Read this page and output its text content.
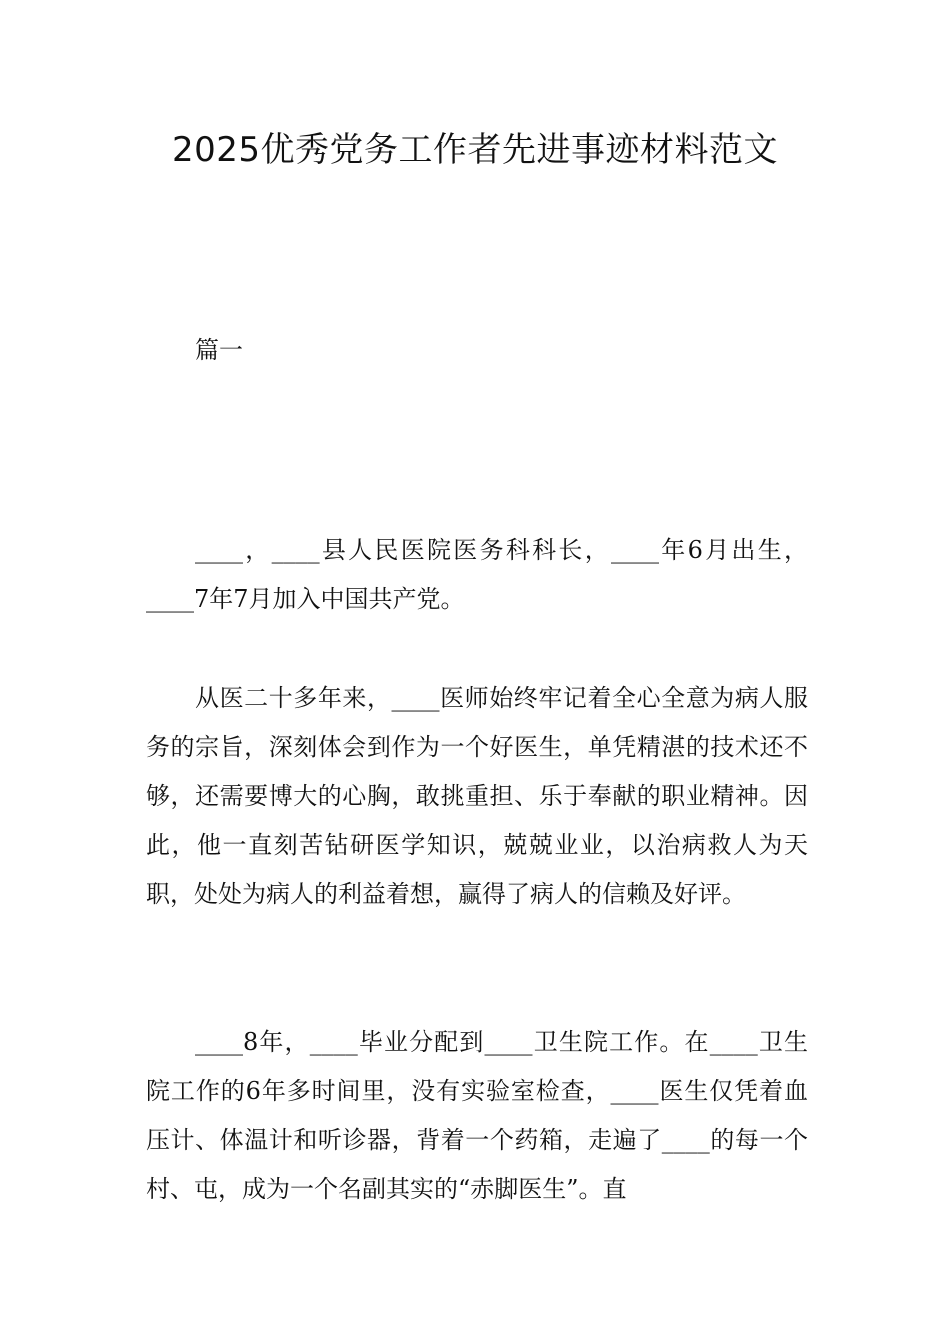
2025优秀党务工作者先进事迹材料范文

篇一

____，____县人民医院医务科科长，____年6月出生，____7年7月加入中国共产党。

从医二十多年来，____医师始终牢记着全心全意为病人服务的宗旨，深刻体会到作为一个好医生，单凭精湛的技术还不够，还需要博大的心胸，敢挑重担、乐于奉献的职业精神。因此，他一直刻苦钻研医学知识，兢兢业业，以治病救人为天职，处处为病人的利益着想，赢得了病人的信赖及好评。

____8年，____毕业分配到____卫生院工作。在____卫生院工作的6年多时间里，没有实验室检查，____医生仅凭着血压计、体温计和听诊器，背着一个药箱，走遍了____的每一个村、屯，成为一个名副其实的“赤脚医生”。直
